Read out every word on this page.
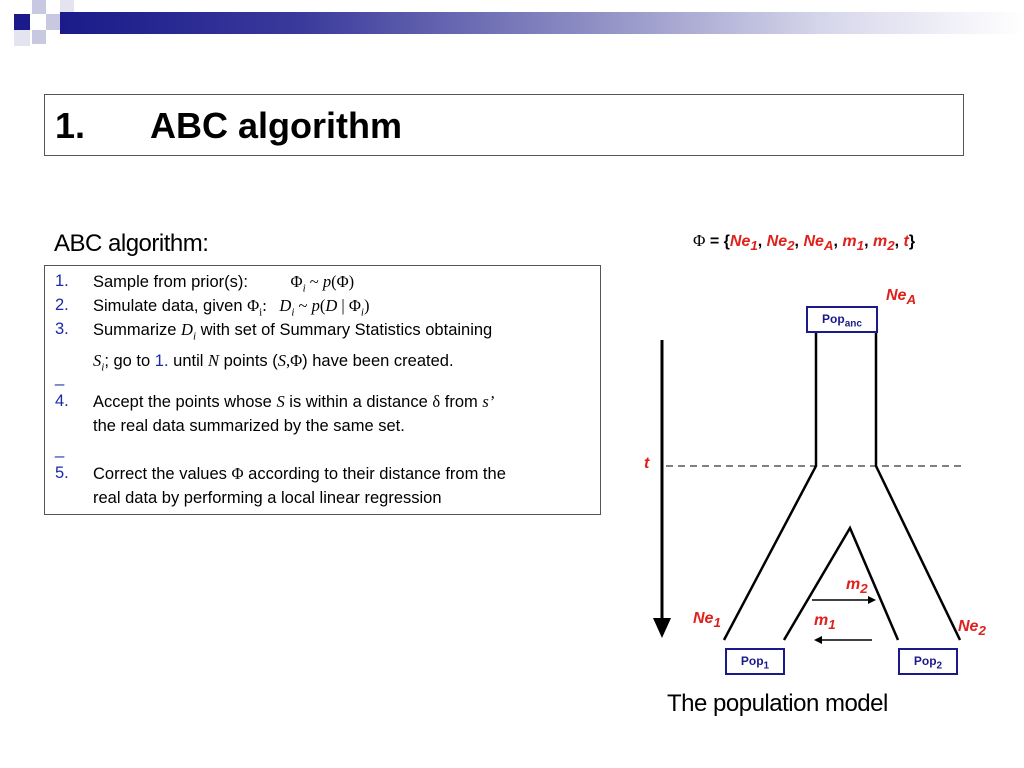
1. ABC algorithm
ABC algorithm:
1. Sample from prior(s):	$\Phi_i$ ~ p(Φ)
2. Simulate data, given $\Phi_i$: $D_i$ ~ p(D | $\Phi_i$)
3. Summarize $D_i$ with set of Summary Statistics obtaining
$S_i$; go to 1. until N points (S,Φ) have been created.
_
4. Accept the points whose S is within a distance δ from s’
the real data summarized by the same set.
_
5. Correct the values Φ according to their distance from the
real data by performing a local linear regression
$\Phi = \{Ne_1$, $Ne_2$, $Ne_A$, $m_1$, $m_2$, t}
Pop$_{anc}$
Pop$_1$	Pop$_2$
$Ne_A$
t
$m_2$
$m_1$
$Ne_1$	$Ne_2$
The population model
